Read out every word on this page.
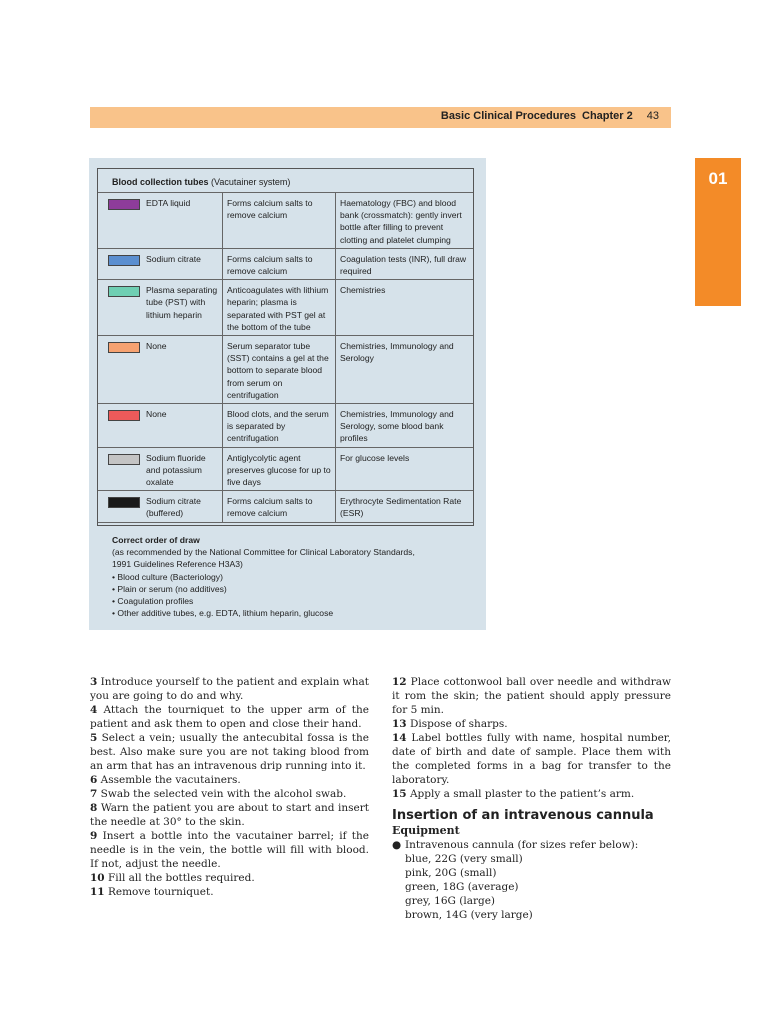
Basic Clinical Procedures Chapter 2 43
01
Blood collection tubes (Vacutainer system)
EDTA liquid	Forms calcium salts to remove calcium	Haematology (FBC) and blood bank (crossmatch): gently invert bottle after filling to prevent clotting and platelet clumping

Sodium citrate	Forms calcium salts to remove calcium	Coagulation tests (INR), full draw required

Plasma separating tube (PST) with lithium heparin	Anticoagulates with lithium heparin; plasma is separated with PST gel at the bottom of the tube	Chemistries

None	Serum separator tube (SST) contains a gel at the bottom to separate blood from serum on centrifugation	Chemistries, Immunology and Serology

None	Blood clots, and the serum is separated by centrifugation	Chemistries, Immunology and Serology, some blood bank profiles

Sodium fluoride and potassium oxalate	Antiglycolytic agent preserves glucose for up to five days	For glucose levels

Sodium citrate (buffered)	Forms calcium salts to remove calcium	Erythrocyte Sedimentation Rate (ESR)
Correct order of draw
(as recommended by the National Committee for Clinical Laboratory Standards,
1991 Guidelines Reference H3A3)
• Blood culture (Bacteriology)
• Plain or serum (no additives)
• Coagulation profiles
• Other additive tubes, e.g. EDTA, lithium heparin, glucose

3 Introduce yourself to the patient and explain what you are going to do and why.

4 Attach the tourniquet to the upper arm of the patient and ask them to open and close their hand.

5 Select a vein; usually the antecubital fossa is the best. Also make sure you are not taking blood from an arm that has an intravenous drip running into it.

6 Assemble the vacutainers.

7 Swab the selected vein with the alcohol swab.

8 Warn the patient you are about to start and insert the needle at 30° to the skin.

9 Insert a bottle into the vacutainer barrel; if the needle is in the vein, the bottle will fill with blood. If not, adjust the needle.

10 Fill all the bottles required.

11 Remove tourniquet.

12 Place cottonwool ball over needle and withdraw it rom the skin; the patient should apply pressure for 5 min.

13 Dispose of sharps.

14 Label bottles fully with name, hospital number, date of birth and date of sample. Place them with the completed forms in a bag for transfer to the laboratory.

15 Apply a small plaster to the patient’s arm.

Insertion of an intravenous cannula
Equipment
● Intravenous cannula (for sizes refer below):
blue, 22G (very small)
pink, 20G (small)
green, 18G (average)
grey, 16G (large)
brown, 14G (very large)
